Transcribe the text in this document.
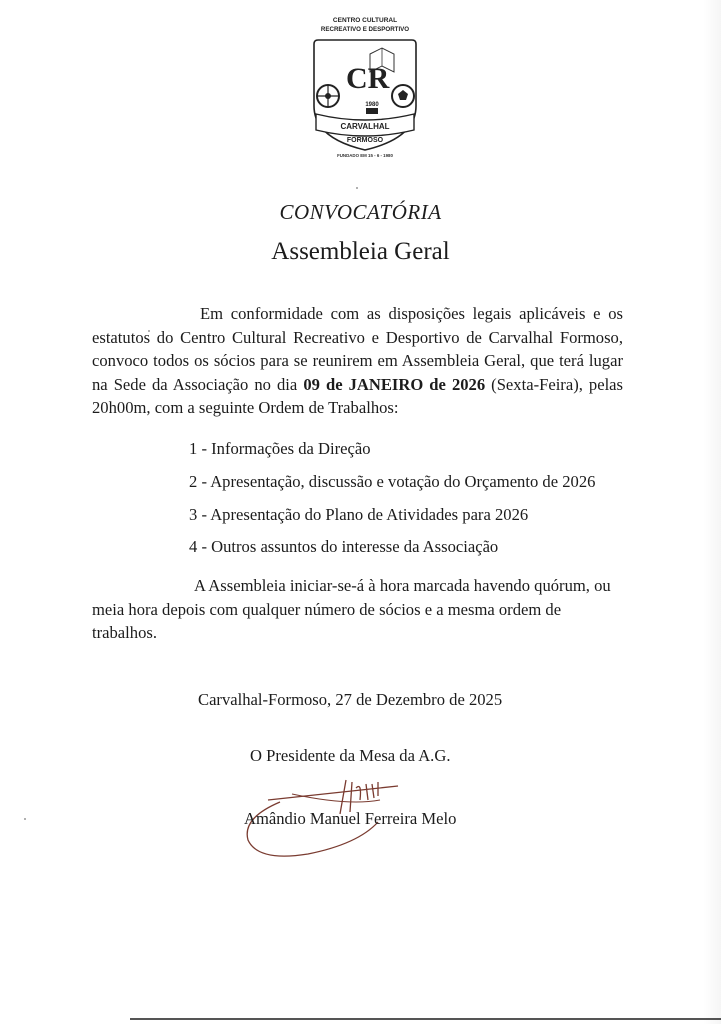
CENTRO CULTURAL
RECREATIVO E DESPORTIVO
CR
1980
CARVALHAL
FORMOSO
FUNDADO EM 15 - 6 - 1980
CONVOCATÓRIA
Assembleia Geral

Em conformidade com as disposições legais aplicáveis e os estatutos do Centro Cultural Recreativo e Desportivo de Carvalhal Formoso, convoco todos os sócios para se reunirem em Assembleia Geral, que terá lugar na Sede da Associação no dia 09 de JANEIRO de 2026 (Sexta-Feira), pelas 20h00m, com a seguinte Ordem de Trabalhos:

1 - Informações da Direção
2 - Apresentação, discussão e votação do Orçamento de 2026
3 - Apresentação do Plano de Atividades para 2026
4 - Outros assuntos do interesse da Associação

A Assembleia iniciar-se-á à hora marcada havendo quórum, ou meia hora depois com qualquer número de sócios e a mesma ordem de trabalhos.

Carvalhal-Formoso, 27 de Dezembro de 2025
O Presidente da Mesa da A.G.
Amândio Manuel Ferreira Melo
